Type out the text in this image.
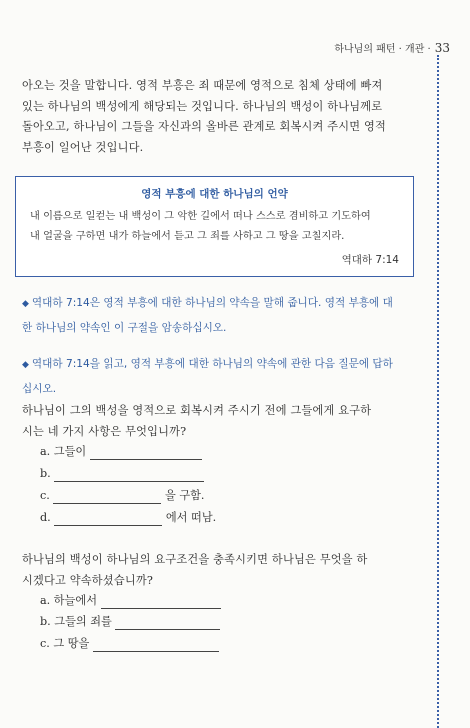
하나님의 패턴 · 개관 · 33
아오는 것을 말합니다. 영적 부흥은 죄 때문에 영적으로 침체 상태에 빠져
있는 하나님의 백성에게 해당되는 것입니다. 하나님의 백성이 하나님께로
돌아오고, 하나님이 그들을 자신과의 올바른 관계로 회복시켜 주시면 영적
부흥이 일어난 것입니다.
영적 부흥에 대한 하나님의 언약
내 이름으로 일컫는 내 백성이 그 악한 길에서 떠나 스스로 겸비하고 기도하여
내 얼굴을 구하면 내가 하늘에서 듣고 그 죄를 사하고 그 땅을 고칠지라.
역대하 7:14
◆ 역대하 7:14은 영적 부흥에 대한 하나님의 약속을 말해 줍니다. 영적 부흥에 대
한 하나님의 약속인 이 구절을 암송하십시오.
◆ 역대하 7:14을 읽고, 영적 부흥에 대한 하나님의 약속에 관한 다음 질문에 답하
십시오.
하나님이 그의 백성을 영적으로 회복시켜 주시기 전에 그들에게 요구하
시는 네 가지 사항은 무엇입니까?
a. 그들이
b.
c.	을 구함.
d.	에서 떠남.
하나님의 백성이 하나님의 요구조건을 충족시키면 하나님은 무엇을 하
시겠다고 약속하셨습니까?
a. 하늘에서
b. 그들의 죄를
c. 그 땅을
